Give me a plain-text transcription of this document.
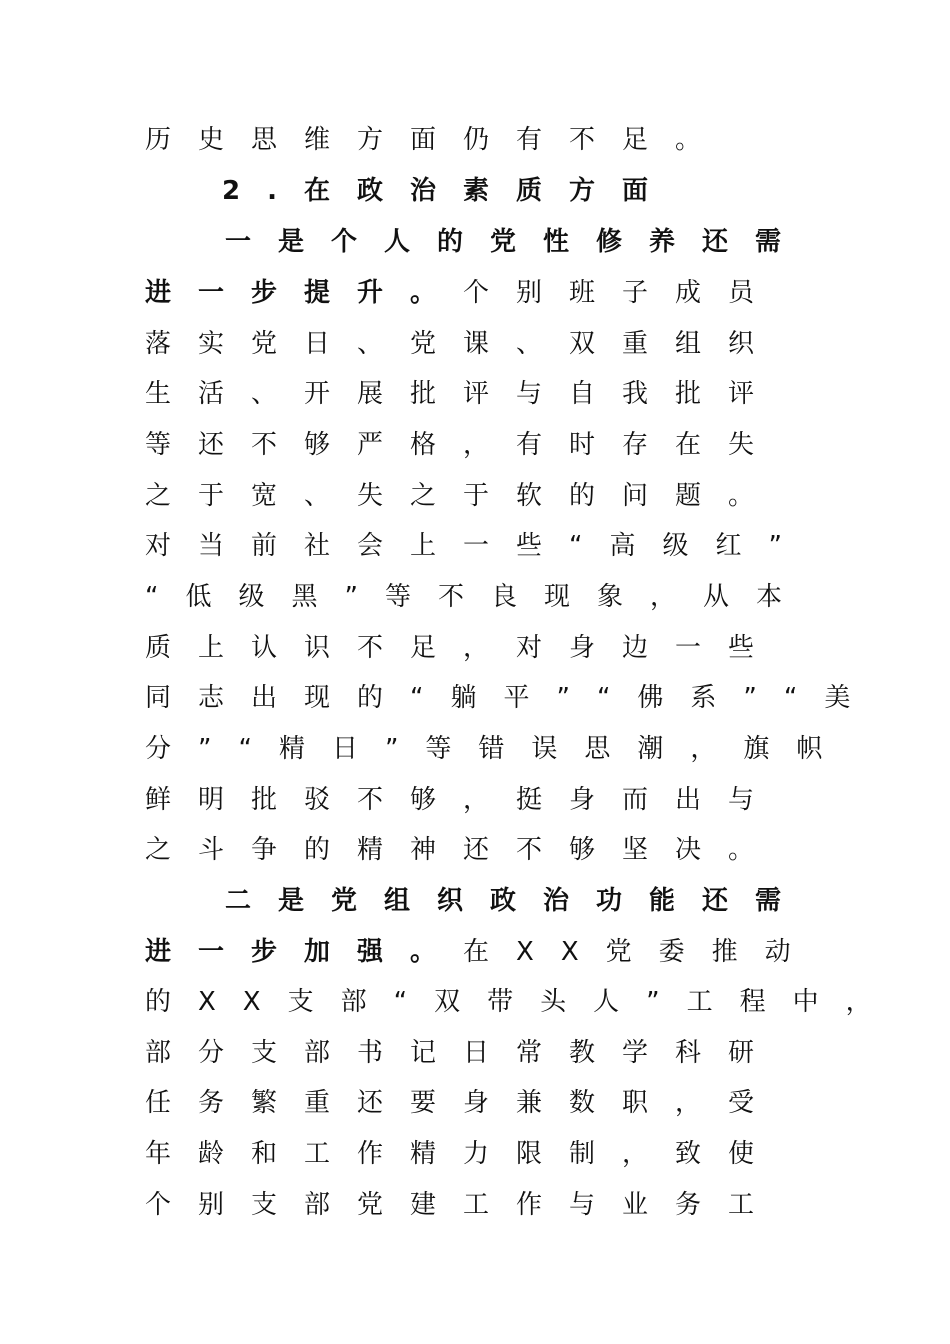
历史思维方面仍有不足。
2.在政治素质方面
一是个人的党性修养还需
进一步提升。个别班子成员
落实党日、党课、双重组织
生活、开展批评与自我批评
等还不够严格，有时存在失
之于宽、失之于软的问题。
对当前社会上一些“高级红”
“低级黑”等不良现象，从本
质上认识不足，对身边一些
同志出现的“躺平”“佛系”“美
分”“精日”等错误思潮，旗帜
鲜明批驳不够，挺身而出与
之斗争的精神还不够坚决。
二是党组织政治功能还需
进一步加强。在XX党委推动
的XX支部“双带头人”工程中，
部分支部书记日常教学科研
任务繁重还要身兼数职，受
年龄和工作精力限制，致使
个别支部党建工作与业务工
